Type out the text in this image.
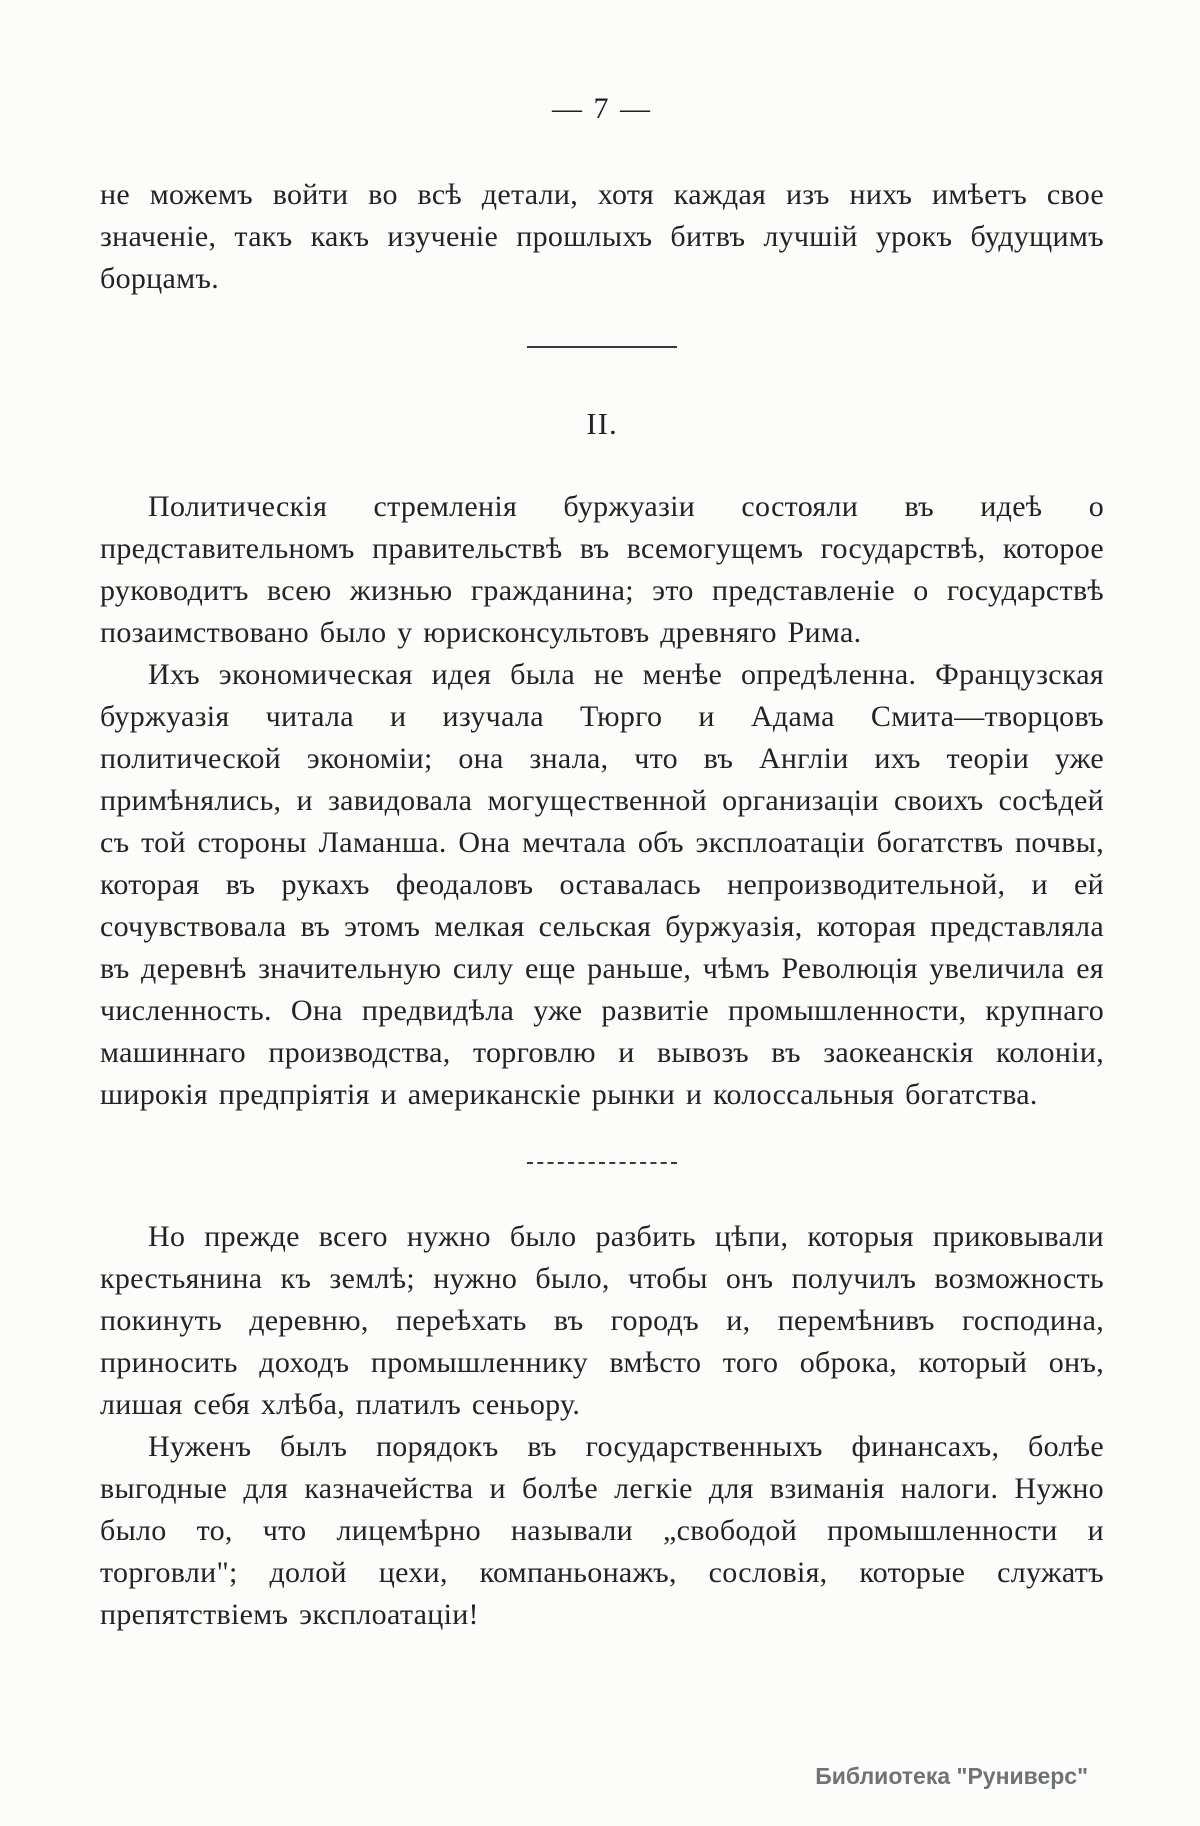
— 7 —

не можемъ войти во всѣ детали, хотя каждая изъ нихъ имѣетъ свое значеніе, такъ какъ изученіе прошлыхъ битвъ лучшій урокъ будущимъ борцамъ.

II.

Политическія стремленія буржуазіи состояли въ идеѣ о представительномъ правительствѣ въ всемогущемъ государствѣ, которое руководитъ всею жизнью гражданина; это представленіе о государствѣ позаимствовано было у юрисконсультовъ древняго Рима.

Ихъ экономическая идея была не менѣе опредѣленна. Французская буржуазія читала и изучала Тюрго и Адама Смита—творцовъ политической экономіи; она знала, что въ Англіи ихъ теоріи уже примѣнялись, и завидовала могущественной организаціи своихъ сосѣдей съ той стороны Ламанша. Она мечтала объ эксплоатаціи богатствъ почвы, которая въ рукахъ феодаловъ оставалась непроизводительной, и ей сочувствовала въ этомъ мелкая сельская буржуазія, которая представляла въ деревнѣ значительную силу еще раньше, чѣмъ Революція увеличила ея численность. Она предвидѣла уже развитіе промышленности, крупнаго машиннаго производства, торговлю и вывозъ въ заокеанскія колоніи, широкія предпріятія и американскіе рынки и колоссальныя богатства.

Но прежде всего нужно было разбить цѣпи, которыя приковывали крестьянина къ землѣ; нужно было, чтобы онъ получилъ возможность покинуть деревню, переѣхать въ городъ и, перемѣнивъ господина, приносить доходъ промышленнику вмѣсто того оброка, который онъ, лишая себя хлѣба, платилъ сеньору.

Нуженъ былъ порядокъ въ государственныхъ финансахъ, болѣе выгодные для казначейства и болѣе легкіе для взиманія налоги. Нужно было то, что лицемѣрно называли „свободой промышленности и торговли"; долой цехи, компаньонажъ, сословія, которые служатъ препятствіемъ эксплоатаціи!

Библиотека "Руниверс"
